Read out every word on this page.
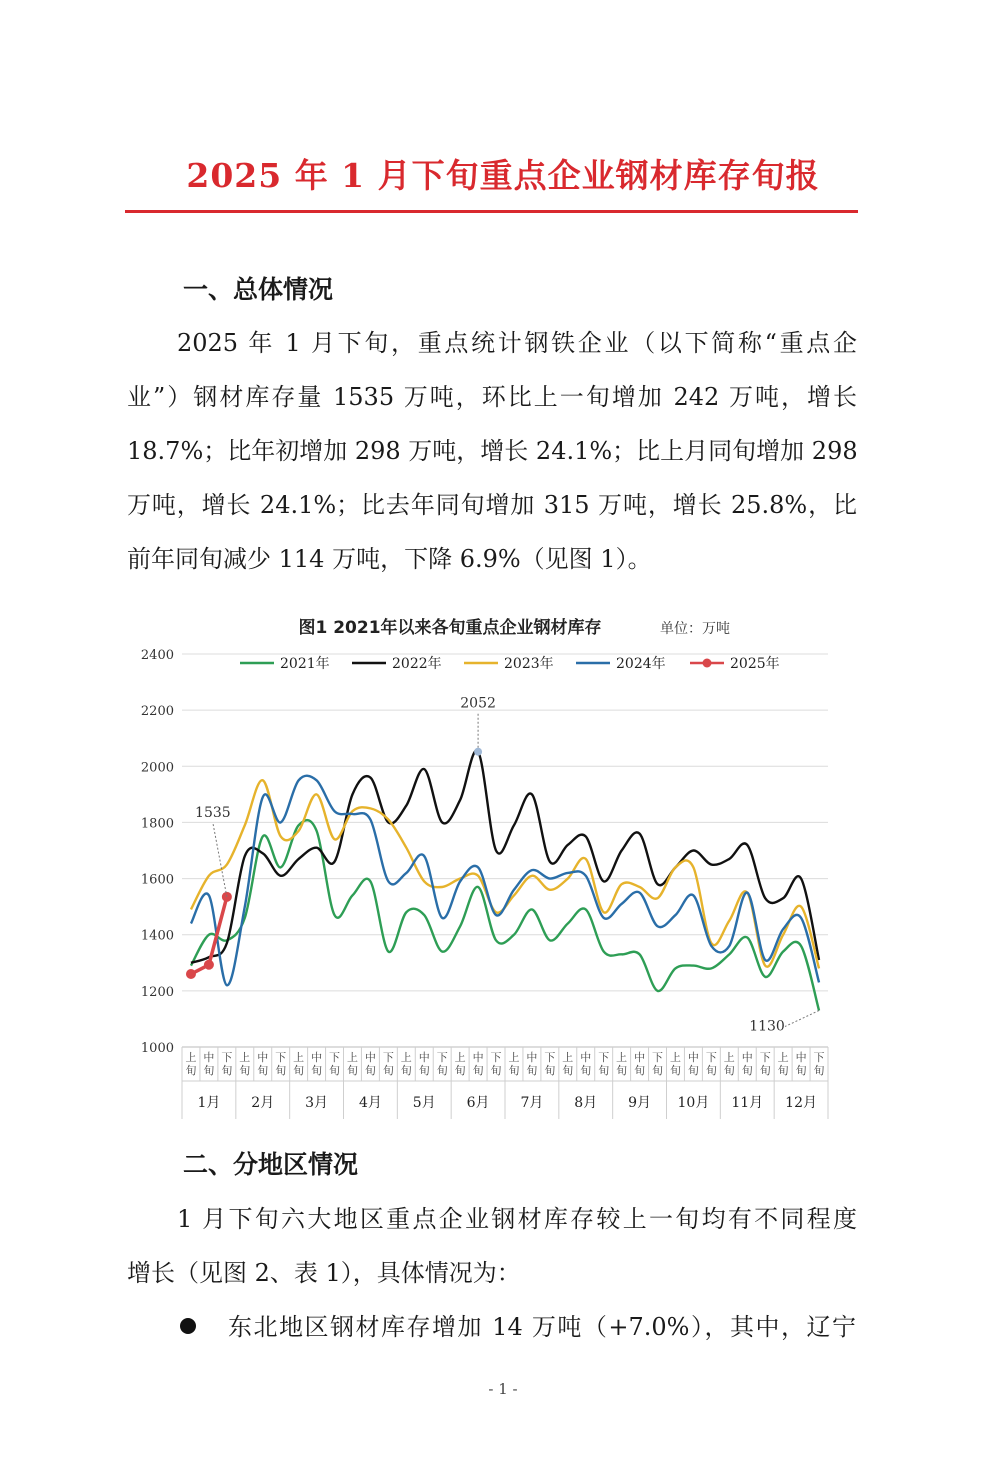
2025 年 1 月下旬重点企业钢材库存旬报
一、总体情况
2025 年 1 月下旬，重点统计钢铁企业（以下简称“重点企
业”）钢材库存量 1535 万吨，环比上一旬增加 242 万吨，增长
18.7%；比年初增加 298 万吨，增长 24.1%；比上月同旬增加 298
万吨，增长 24.1%；比去年同旬增加 315 万吨，增长 25.8%，比
前年同旬减少 114 万吨，下降 6.9%（见图 1）。
图1 2021年以来各旬重点企业钢材库存	单位：万吨
1000
1200
1400
1600
1800
2000
2200
2400
上
旬
中
旬
下
旬
上
旬
中
旬
下
旬
上
旬
中
旬
下
旬
上
旬
中
旬
下
旬
上
旬
中
旬
下
旬
上
旬
中
旬
下
旬
上
旬
中
旬
下
旬
上
旬
中
旬
下
旬
上
旬
中
旬
下
旬
上
旬
中
旬
下
旬
上
旬
中
旬
下
旬
上
旬
中
旬
下
旬
1月 2月 3月 4月 5月 6月 7月 8月 9月 10月 11月 12月
2021年	2022年	2023年	2024年	2025年
2052
1535
1130
二、分地区情况
1 月下旬六大地区重点企业钢材库存较上一旬均有不同程度
增长（见图 2、表 1），具体情况为：
东北地区钢材库存增加 14 万吨（+7.0%），其中，辽宁
- 1 -
